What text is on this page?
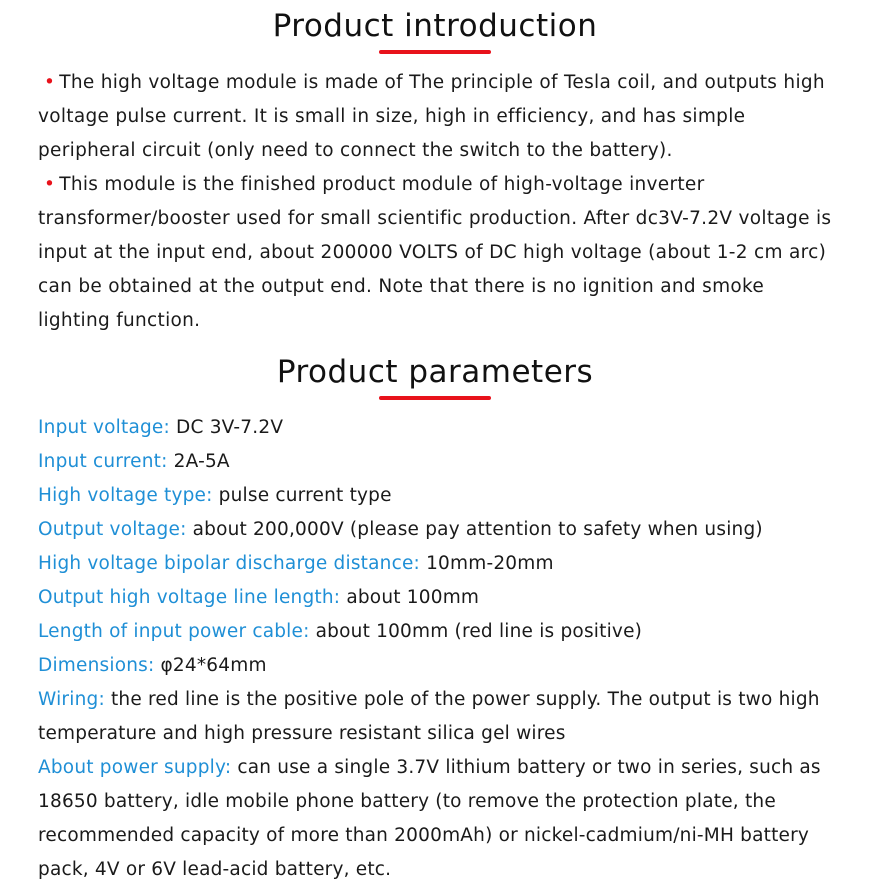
Product introduction

• The high voltage module is made of The principle of Tesla coil, and outputs high voltage pulse current. It is small in size, high in efficiency, and has simple peripheral circuit (only need to connect the switch to the battery).

• This module is the finished product module of high-voltage inverter transformer/booster used for small scientific production. After dc3V-7.2V voltage is input at the input end, about 200000 VOLTS of DC high voltage (about 1-2 cm arc) can be obtained at the output end. Note that there is no ignition and smoke lighting function.

Product parameters

Input voltage: DC 3V-7.2V

Input current: 2A-5A

High voltage type: pulse current type

Output voltage: about 200,000V (please pay attention to safety when using)

High voltage bipolar discharge distance: 10mm-20mm

Output high voltage line length: about 100mm

Length of input power cable: about 100mm (red line is positive)

Dimensions: φ24*64mm

Wiring: the red line is the positive pole of the power supply. The output is two high temperature and high pressure resistant silica gel wires

About power supply: can use a single 3.7V lithium battery or two in series, such as 18650 battery, idle mobile phone battery (to remove the protection plate, the recommended capacity of more than 2000mAh) or nickel-cadmium/ni-MH battery pack, 4V or 6V lead-acid battery, etc.
